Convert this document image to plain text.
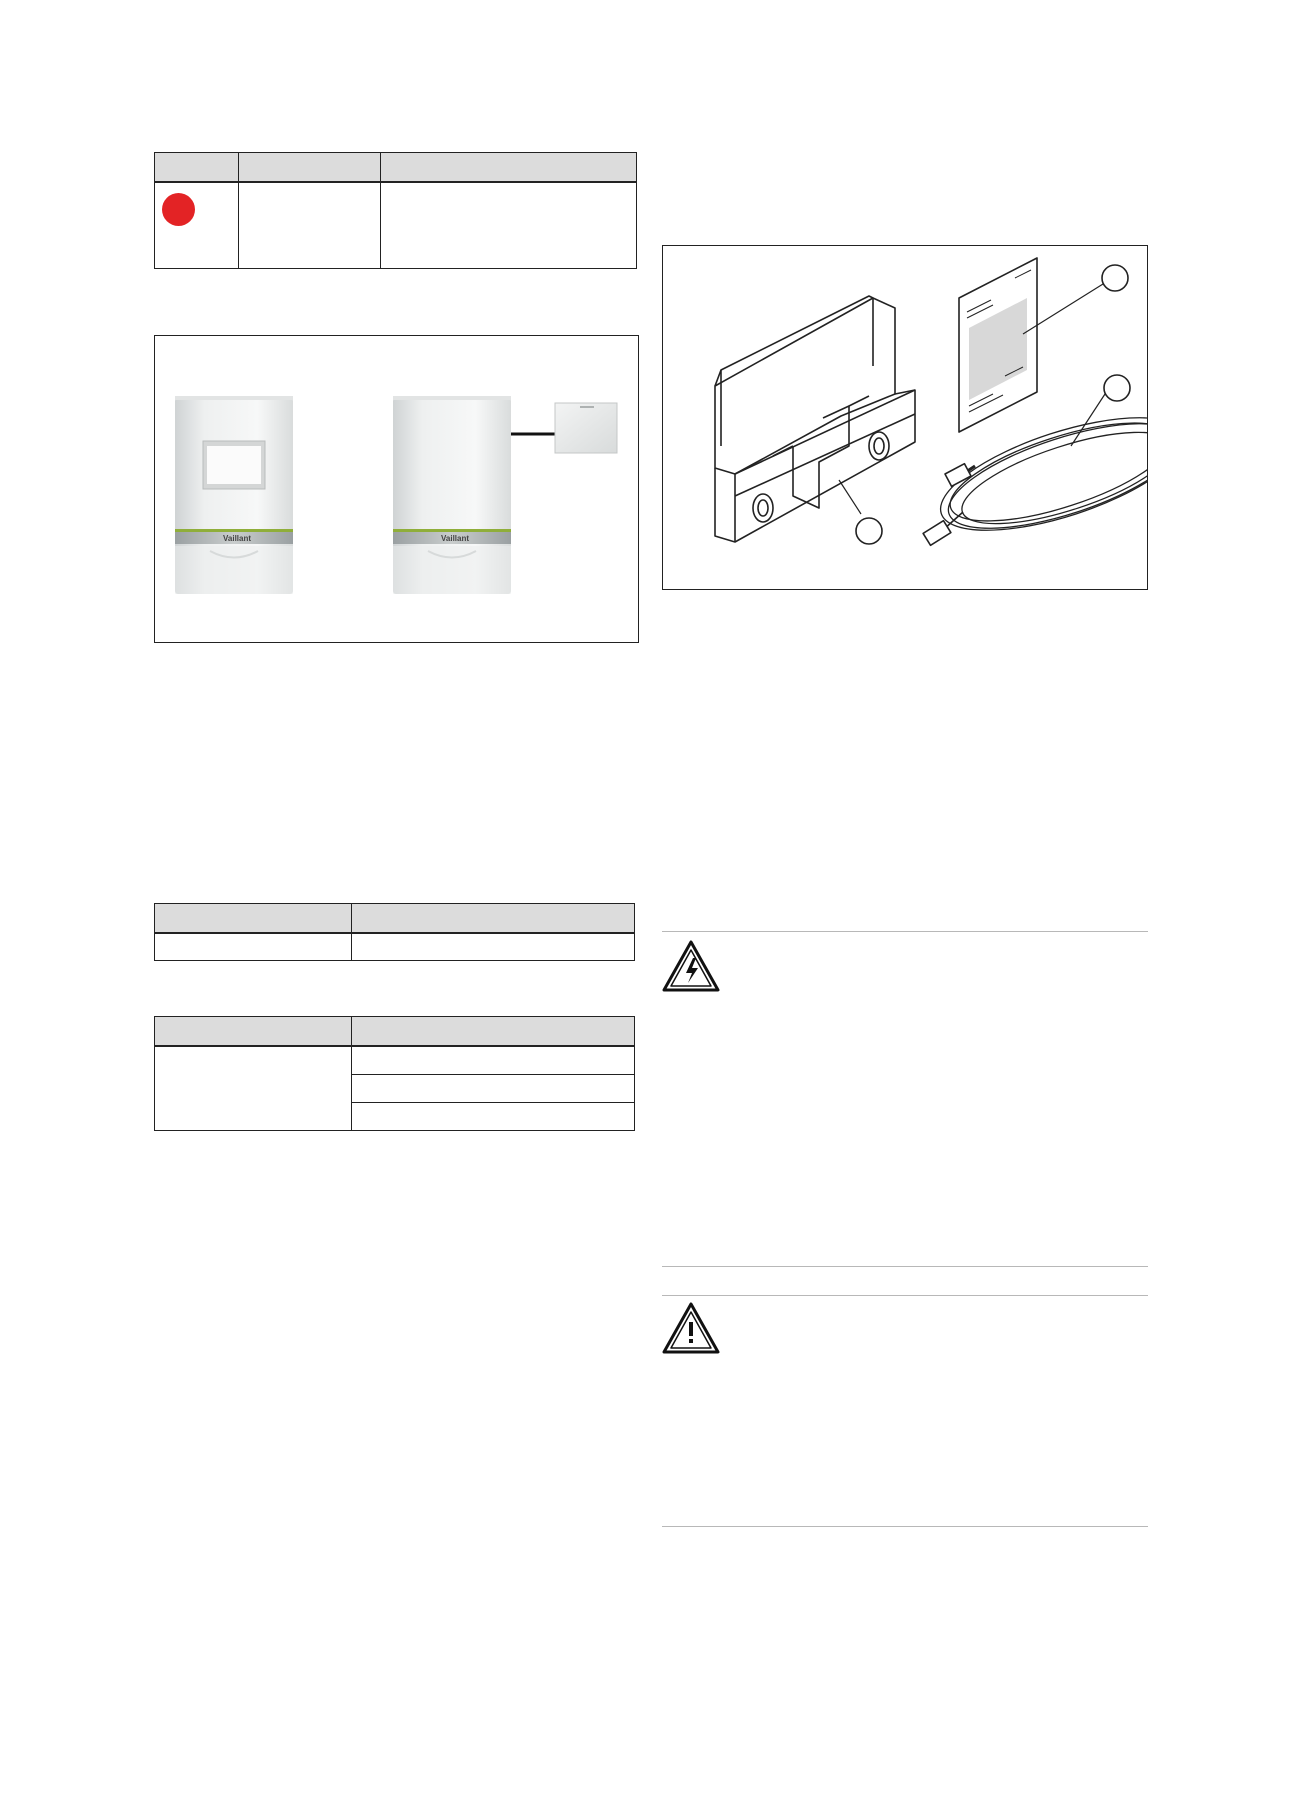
Vaillant	Vaillant
